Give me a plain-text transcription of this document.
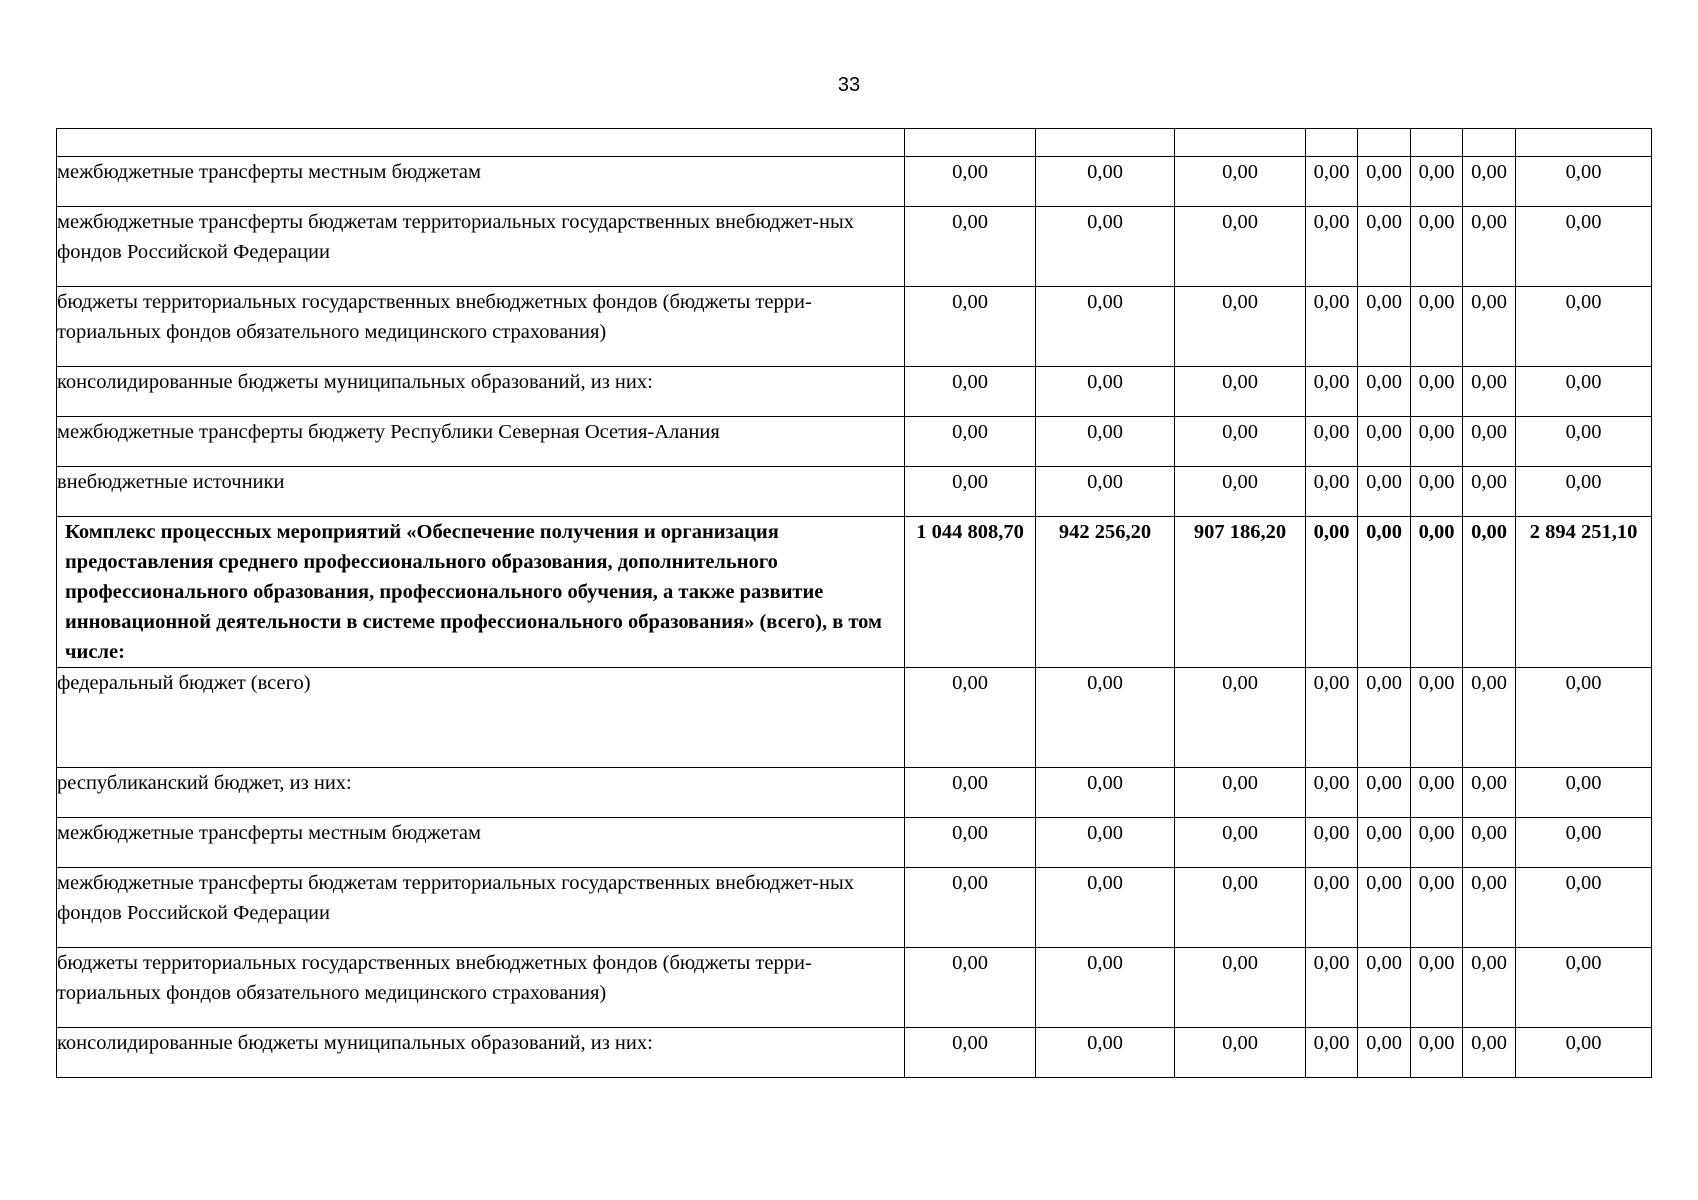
33

межбюджетные трансферты местным бюджетам	0,00	0,00	0,00	0,00	0,00	0,00	0,00	0,00
межбюджетные трансферты бюджетам территориальных государственных внебюджет-ных фондов Российской Федерации	0,00	0,00	0,00	0,00	0,00	0,00	0,00	0,00
бюджеты территориальных государственных внебюджетных фондов (бюджеты терри-ториальных фондов обязательного медицинского страхования)	0,00	0,00	0,00	0,00	0,00	0,00	0,00	0,00
консолидированные бюджеты муниципальных образований, из них:	0,00	0,00	0,00	0,00	0,00	0,00	0,00	0,00
межбюджетные трансферты бюджету Республики Северная Осетия-Алания	0,00	0,00	0,00	0,00	0,00	0,00	0,00	0,00
внебюджетные источники	0,00	0,00	0,00	0,00	0,00	0,00	0,00	0,00
Комплекс процессных мероприятий «Обеспечение получения и организация предоставления среднего профессионального образования, дополнительного профессионального образования, профессионального обучения, а также развитие инновационной деятельности в системе профессионального образования» (всего), в том числе:	1 044 808,70	942 256,20	907 186,20	0,00	0,00	0,00	0,00	2 894 251,10
федеральный бюджет (всего)	0,00	0,00	0,00	0,00	0,00	0,00	0,00	0,00
республиканский бюджет, из них:	0,00	0,00	0,00	0,00	0,00	0,00	0,00	0,00
межбюджетные трансферты местным бюджетам	0,00	0,00	0,00	0,00	0,00	0,00	0,00	0,00
межбюджетные трансферты бюджетам территориальных государственных внебюджет-ных фондов Российской Федерации	0,00	0,00	0,00	0,00	0,00	0,00	0,00	0,00
бюджеты территориальных государственных внебюджетных фондов (бюджеты терри-ториальных фондов обязательного медицинского страхования)	0,00	0,00	0,00	0,00	0,00	0,00	0,00	0,00
консолидированные бюджеты муниципальных образований, из них:	0,00	0,00	0,00	0,00	0,00	0,00	0,00	0,00
